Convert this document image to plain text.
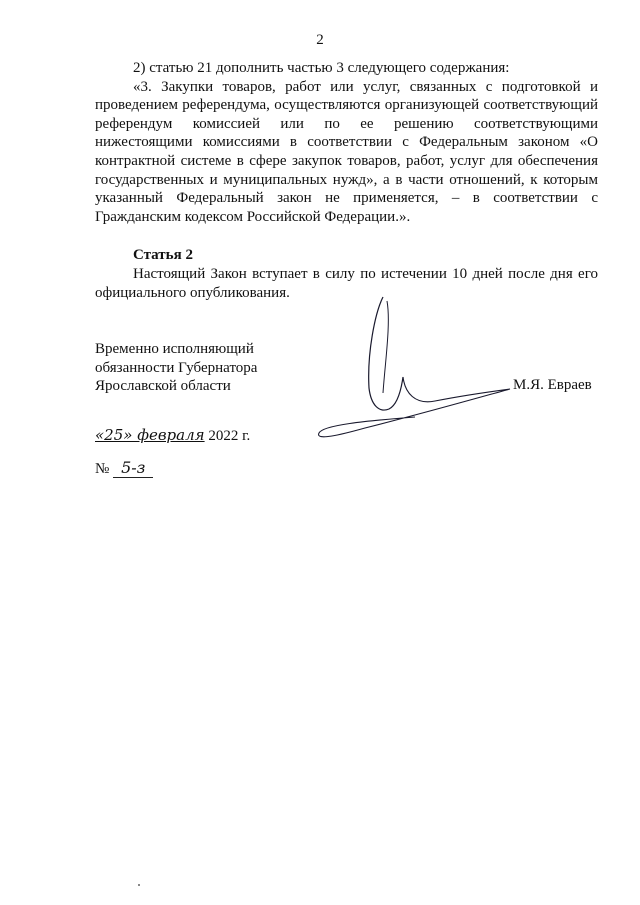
2

2) статью 21 дополнить частью 3 следующего содержания:

«3. Закупки товаров, работ или услуг, связанных с подготовкой и проведением референдума, осуществляются организующей соответствующий референдум комиссией или по ее решению соответствующими нижестоящими комиссиями в соответствии с Федеральным законом «О контрактной системе в сфере закупок товаров, работ, услуг для обеспечения государственных и муниципальных нужд», а в части отношений, к которым указанный Федеральный закон не применяется, – в соответствии с Гражданским кодексом Российской Федерации.».

Статья 2

Настоящий Закон вступает в силу по истечении 10 дней после дня его официального опубликования.

Временно исполняющий
обязанности Губернатора
Ярославской области	М.Я. Евраев
«25» февраля 2022 г.
№ 5-з
